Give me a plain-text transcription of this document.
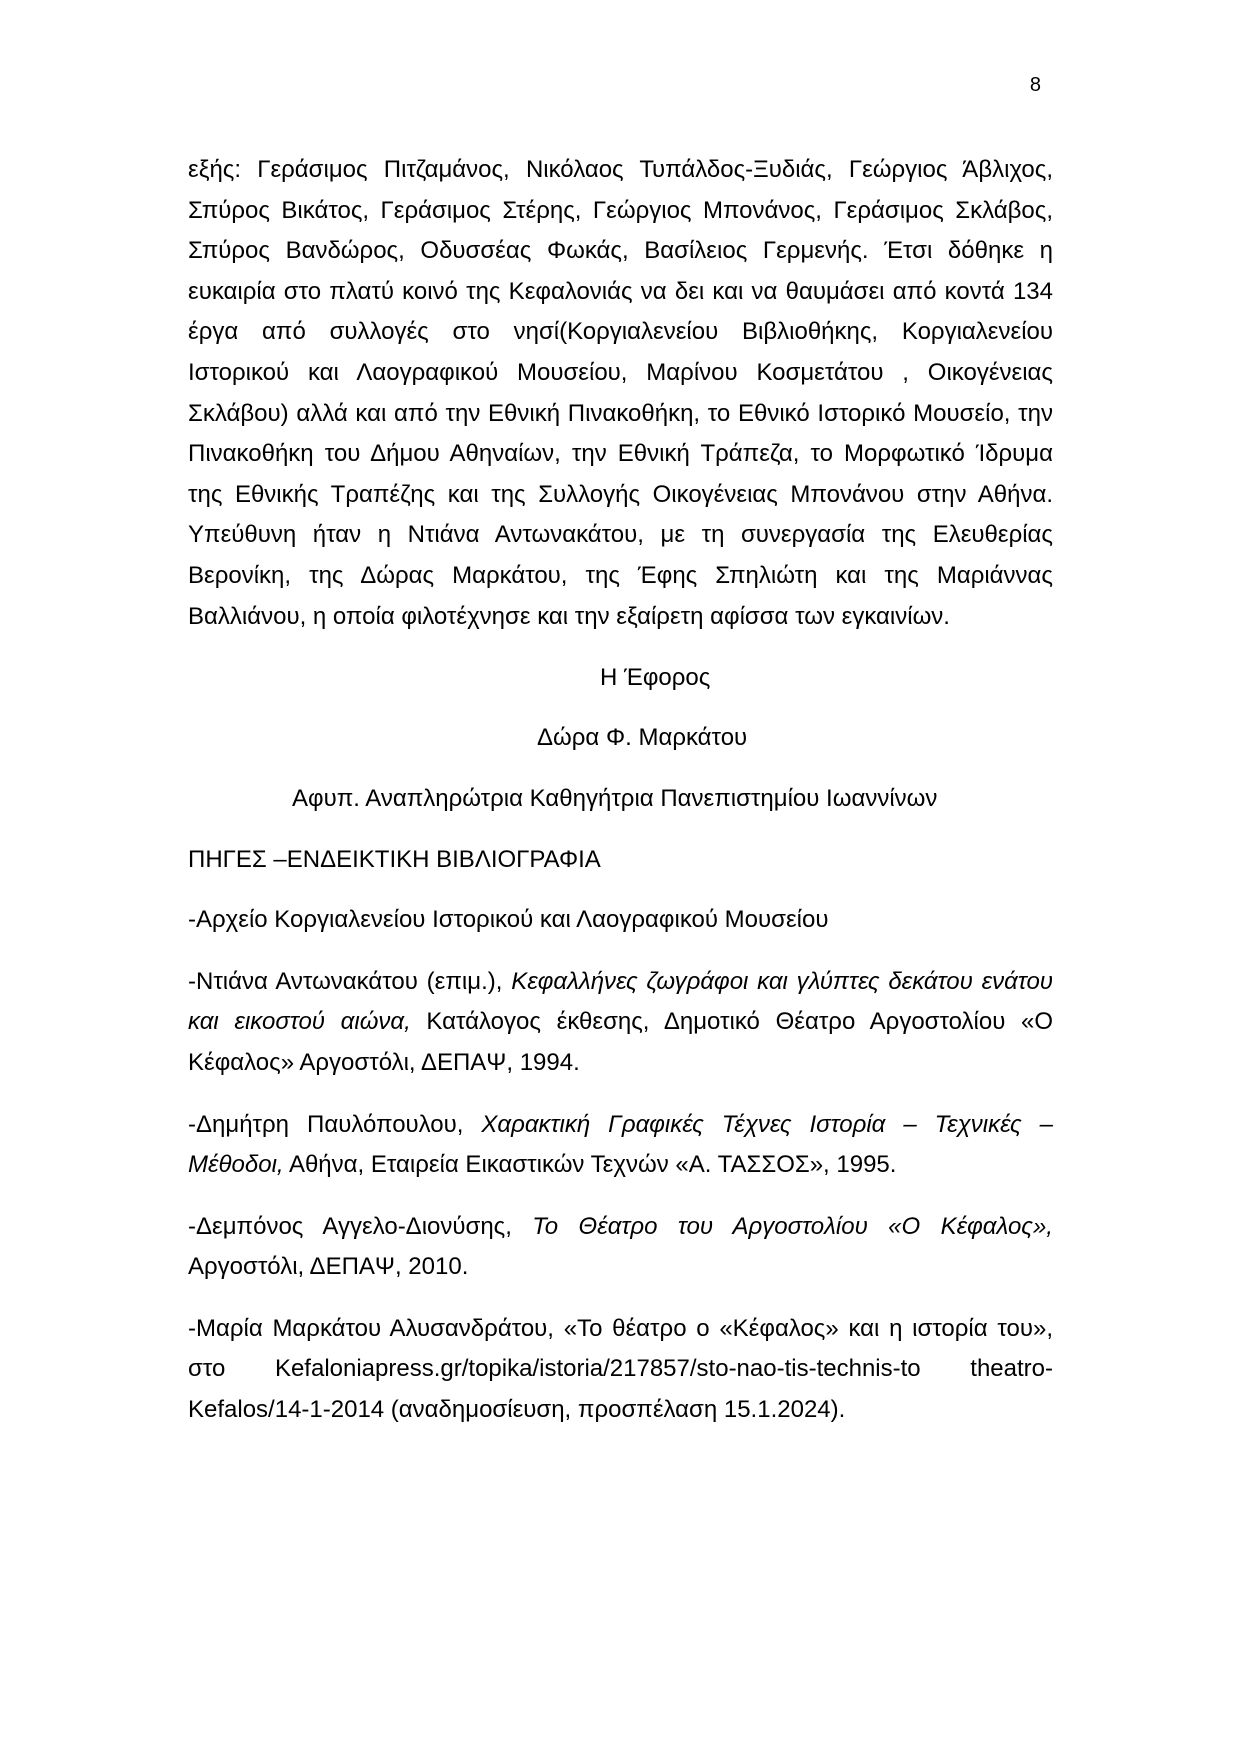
8

εξής: Γεράσιμος Πιτζαμάνος, Νικόλαος Τυπάλδος-Ξυδιάς, Γεώργιος Άβλιχος, Σπύρος Βικάτος, Γεράσιμος Στέρης, Γεώργιος Μπονάνος, Γεράσιμος Σκλάβος, Σπύρος Βανδώρος, Οδυσσέας Φωκάς, Βασίλειος Γερμενής. Έτσι δόθηκε η ευκαιρία στο πλατύ κοινό της Κεφαλονιάς να δει και να θαυμάσει από κοντά 134 έργα από συλλογές στο νησί(Κοργιαλενείου Βιβλιοθήκης, Κοργιαλενείου Ιστορικού και Λαογραφικού Μουσείου, Μαρίνου Κοσμετάτου , Οικογένειας Σκλάβου) αλλά και από την Εθνική Πινακοθήκη, το Εθνικό Ιστορικό Μουσείο, την Πινακοθήκη του Δήμου Αθηναίων, την Εθνική Τράπεζα, το Μορφωτικό Ίδρυμα της Εθνικής Τραπέζης και της Συλλογής Οικογένειας Μπονάνου στην Αθήνα. Υπεύθυνη ήταν η Ντιάνα Αντωνακάτου, με τη συνεργασία της Ελευθερίας Βερονίκη, της Δώρας Μαρκάτου, της Έφης Σπηλιώτη και της Μαριάννας Βαλλιάνου, η οποία φιλοτέχνησε και την εξαίρετη αφίσσα των εγκαινίων.

Η Έφορος

Δώρα Φ. Μαρκάτου

Αφυπ. Αναπληρώτρια Καθηγήτρια Πανεπιστημίου Ιωαννίνων

ΠΗΓΕΣ –ΕΝΔΕΙΚΤΙΚΗ ΒΙΒΛΙΟΓΡΑΦΙΑ

-Αρχείο Κοργιαλενείου Ιστορικού και Λαογραφικού Μουσείου

-Ντιάνα Αντωνακάτου (επιμ.), Κεφαλλήνες ζωγράφοι και γλύπτες δεκάτου ενάτου και εικοστού αιώνα, Κατάλογος έκθεσης, Δημοτικό Θέατρο Αργοστολίου «Ο Κέφαλος» Αργοστόλι, ΔΕΠΑΨ, 1994.

-Δημήτρη Παυλόπουλου, Χαρακτική Γραφικές Τέχνες Ιστορία – Τεχνικές – Μέθοδοι, Αθήνα, Εταιρεία Εικαστικών Τεχνών «Α. ΤΑΣΣΟΣ», 1995.

-Δεμπόνος Αγγελο-Διονύσης, Το Θέατρο του Αργοστολίου «Ο Κέφαλος», Αργοστόλι, ΔΕΠΑΨ, 2010.

-Μαρία Μαρκάτου Αλυσανδράτου, «Το θέατρο ο «Κέφαλος» και η ιστορία του», στο Kefaloniapress.gr/topika/istoria/217857/sto-nao-tis-technis-to theatro-Kefalos/14-1-2014 (αναδημοσίευση, προσπέλαση 15.1.2024).
